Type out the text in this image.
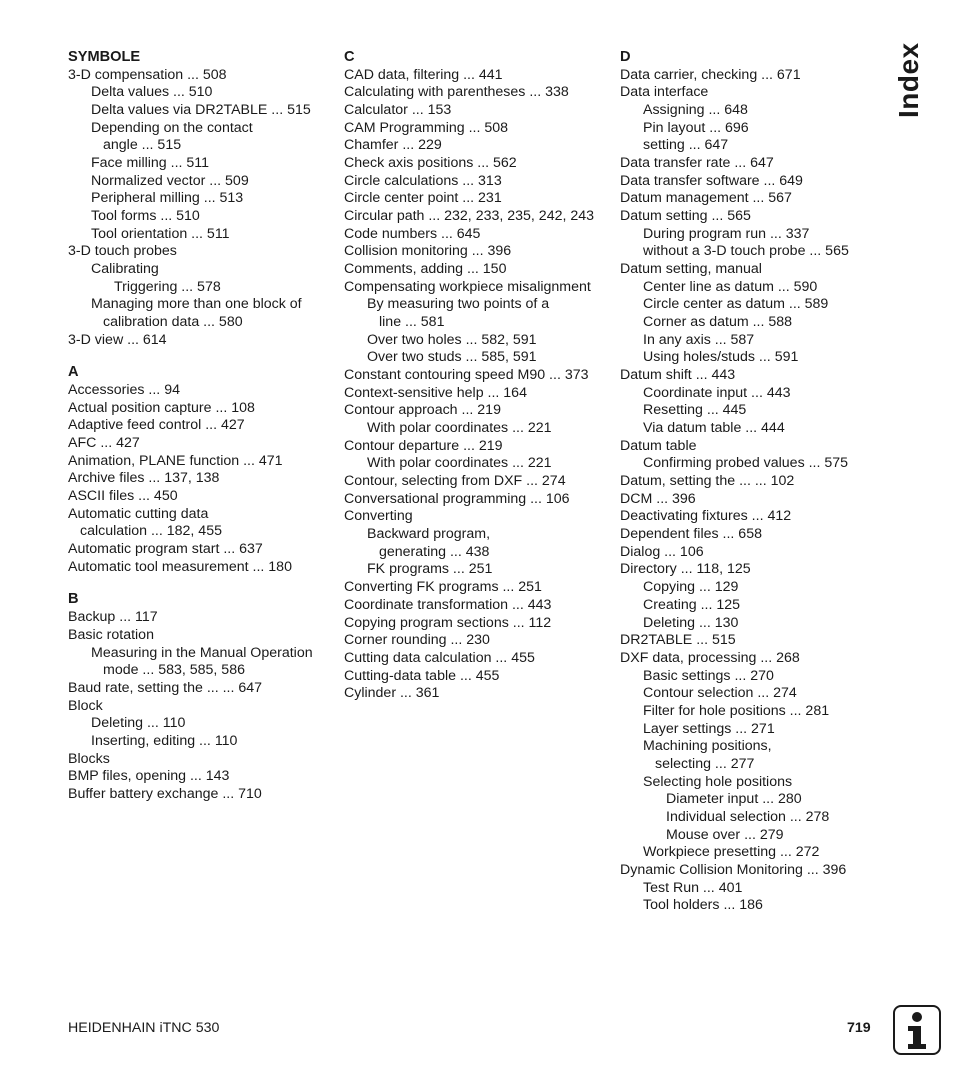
SYMBOLE
3-D compensation ... 508
Delta values ... 510
Delta values via DR2TABLE ... 515
Depending on the contact
angle ... 515
Face milling ... 511
Normalized vector ... 509
Peripheral milling ... 513
Tool forms ... 510
Tool orientation ... 511
3-D touch probes
Calibrating
Triggering ... 578
Managing more than one block of
calibration data ... 580
3-D view ... 614
A
Accessories ... 94
Actual position capture ... 108
Adaptive feed control ... 427
AFC ... 427
Animation, PLANE function ... 471
Archive files ... 137, 138
ASCII files ... 450
Automatic cutting data
calculation ... 182, 455
Automatic program start ... 637
Automatic tool measurement ... 180
B
Backup ... 117
Basic rotation
Measuring in the Manual Operation
mode ... 583, 585, 586
Baud rate, setting the ... ... 647
Block
Deleting ... 110
Inserting, editing ... 110
Blocks
BMP files, opening ... 143
Buffer battery exchange ... 710
C
CAD data, filtering ... 441
Calculating with parentheses ... 338
Calculator ... 153
CAM Programming ... 508
Chamfer ... 229
Check axis positions ... 562
Circle calculations ... 313
Circle center point ... 231
Circular path ... 232, 233, 235, 242, 243
Code numbers ... 645
Collision monitoring ... 396
Comments, adding ... 150
Compensating workpiece misalignment
By measuring two points of a
line ... 581
Over two holes ... 582, 591
Over two studs ... 585, 591
Constant contouring speed M90 ... 373
Context-sensitive help ... 164
Contour approach ... 219
With polar coordinates ... 221
Contour departure ... 219
With polar coordinates ... 221
Contour, selecting from DXF ... 274
Conversational programming ... 106
Converting
Backward program,
generating ... 438
FK programs ... 251
Converting FK programs ... 251
Coordinate transformation ... 443
Copying program sections ... 112
Corner rounding ... 230
Cutting data calculation ... 455
Cutting-data table ... 455
Cylinder ... 361
D
Data carrier, checking ... 671
Data interface
Assigning ... 648
Pin layout ... 696
setting ... 647
Data transfer rate ... 647
Data transfer software ... 649
Datum management ... 567
Datum setting ... 565
During program run ... 337
without a 3-D touch probe ... 565
Datum setting, manual
Center line as datum ... 590
Circle center as datum ... 589
Corner as datum ... 588
In any axis ... 587
Using holes/studs ... 591
Datum shift ... 443
Coordinate input ... 443
Resetting ... 445
Via datum table ... 444
Datum table
Confirming probed values ... 575
Datum, setting the ... ... 102
DCM ... 396
Deactivating fixtures ... 412
Dependent files ... 658
Dialog ... 106
Directory ... 118, 125
Copying ... 129
Creating ... 125
Deleting ... 130
DR2TABLE ... 515
DXF data, processing ... 268
Basic settings ... 270
Contour selection ... 274
Filter for hole positions ... 281
Layer settings ... 271
Machining positions,
selecting ... 277
Selecting hole positions
Diameter input ... 280
Individual selection ... 278
Mouse over ... 279
Workpiece presetting ... 272
Dynamic Collision Monitoring ... 396
Test Run ... 401
Tool holders ... 186
Index
HEIDENHAIN iTNC 530	719
